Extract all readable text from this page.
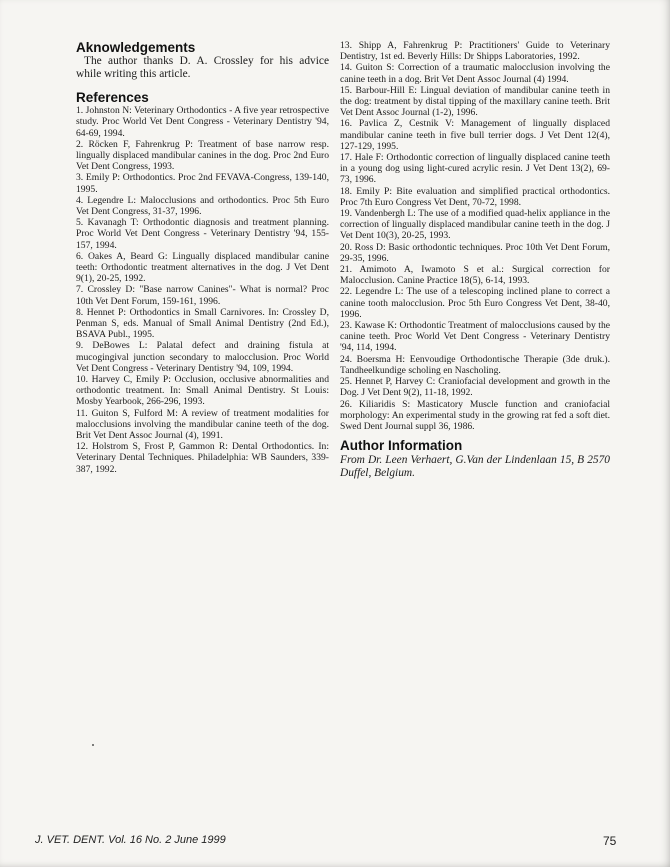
Aknowledgements

The author thanks D. A. Crossley for his advice while writing this article.

References

1. Johnston N: Veterinary Orthodontics - A five year retrospective study. Proc World Vet Dent Congress - Veterinary Dentistry '94, 64-69, 1994.

2. Röcken F, Fahrenkrug P: Treatment of base narrow resp. lingually displaced mandibular canines in the dog. Proc 2nd Euro Vet Dent Congress, 1993.

3. Emily P: Orthodontics. Proc 2nd FEVAVA-Congress, 139-140, 1995.

4. Legendre L: Malocclusions and orthodontics. Proc 5th Euro Vet Dent Congress, 31-37, 1996.

5. Kavanagh T: Orthodontic diagnosis and treatment planning. Proc World Vet Dent Congress - Veterinary Dentistry '94, 155-157, 1994.

6. Oakes A, Beard G: Lingually displaced mandibular canine teeth: Orthodontic treatment alternatives in the dog. J Vet Dent 9(1), 20-25, 1992.

7. Crossley D: "Base narrow Canines"- What is normal? Proc 10th Vet Dent Forum, 159-161, 1996.

8. Hennet P: Orthodontics in Small Carnivores. In: Crossley D, Penman S, eds. Manual of Small Animal Dentistry (2nd Ed.), BSAVA Publ., 1995.

9. DeBowes L: Palatal defect and draining fistula at mucogingival junction secondary to malocclusion. Proc World Vet Dent Congress - Veterinary Dentistry '94, 109, 1994.

10. Harvey C, Emily P: Occlusion, occlusive abnormalities and orthodontic treatment. In: Small Animal Dentistry. St Louis: Mosby Yearbook, 266-296, 1993.

11. Guiton S, Fulford M: A review of treatment modalities for malocclusions involving the mandibular canine teeth of the dog. Brit Vet Dent Assoc Journal (4), 1991.

12. Holstrom S, Frost P, Gammon R: Dental Orthodontics. In: Veterinary Dental Techniques. Philadelphia: WB Saunders, 339-387, 1992.

13. Shipp A, Fahrenkrug P: Practitioners' Guide to Veterinary Dentistry, 1st ed. Beverly Hills: Dr Shipps Laboratories, 1992.

14. Guiton S: Correction of a traumatic malocclusion involving the canine teeth in a dog. Brit Vet Dent Assoc Journal (4) 1994.

15. Barbour-Hill E: Lingual deviation of mandibular canine teeth in the dog: treatment by distal tipping of the maxillary canine teeth. Brit Vet Dent Assoc Journal (1-2), 1996.

16. Pavlica Z, Cestnik V: Management of lingually displaced mandibular canine teeth in five bull terrier dogs. J Vet Dent 12(4), 127-129, 1995.

17. Hale F: Orthodontic correction of lingually displaced canine teeth in a young dog using light-cured acrylic resin. J Vet Dent 13(2), 69-73, 1996.

18. Emily P: Bite evaluation and simplified practical orthodontics. Proc 7th Euro Congress Vet Dent, 70-72, 1998.

19. Vandenbergh L: The use of a modified quad-helix appliance in the correction of lingually displaced mandibular canine teeth in the dog. J Vet Dent 10(3), 20-25, 1993.

20. Ross D: Basic orthodontic techniques. Proc 10th Vet Dent Forum, 29-35, 1996.

21. Amimoto A, Iwamoto S et al.: Surgical correction for Malocclusion. Canine Practice 18(5), 6-14, 1993.

22. Legendre L: The use of a telescoping inclined plane to correct a canine tooth malocclusion. Proc 5th Euro Congress Vet Dent, 38-40, 1996.

23. Kawase K: Orthodontic Treatment of malocclusions caused by the canine teeth. Proc World Vet Dent Congress - Veterinary Dentistry '94, 114, 1994.

24. Boersma H: Eenvoudige Orthodontische Therapie (3de druk.). Tandheelkundige scholing en Nascholing.

25. Hennet P, Harvey C: Craniofacial development and growth in the Dog. J Vet Dent 9(2), 11-18, 1992.

26. Kiliaridis S: Masticatory Muscle function and craniofacial morphology: An experimental study in the growing rat fed a soft diet. Swed Dent Journal suppl 36, 1986.

Author Information

From Dr. Leen Verhaert, G.Van der Lindenlaan 15, B 2570 Duffel, Belgium.

J. VET. DENT. Vol. 16 No. 2 June 1999	75
